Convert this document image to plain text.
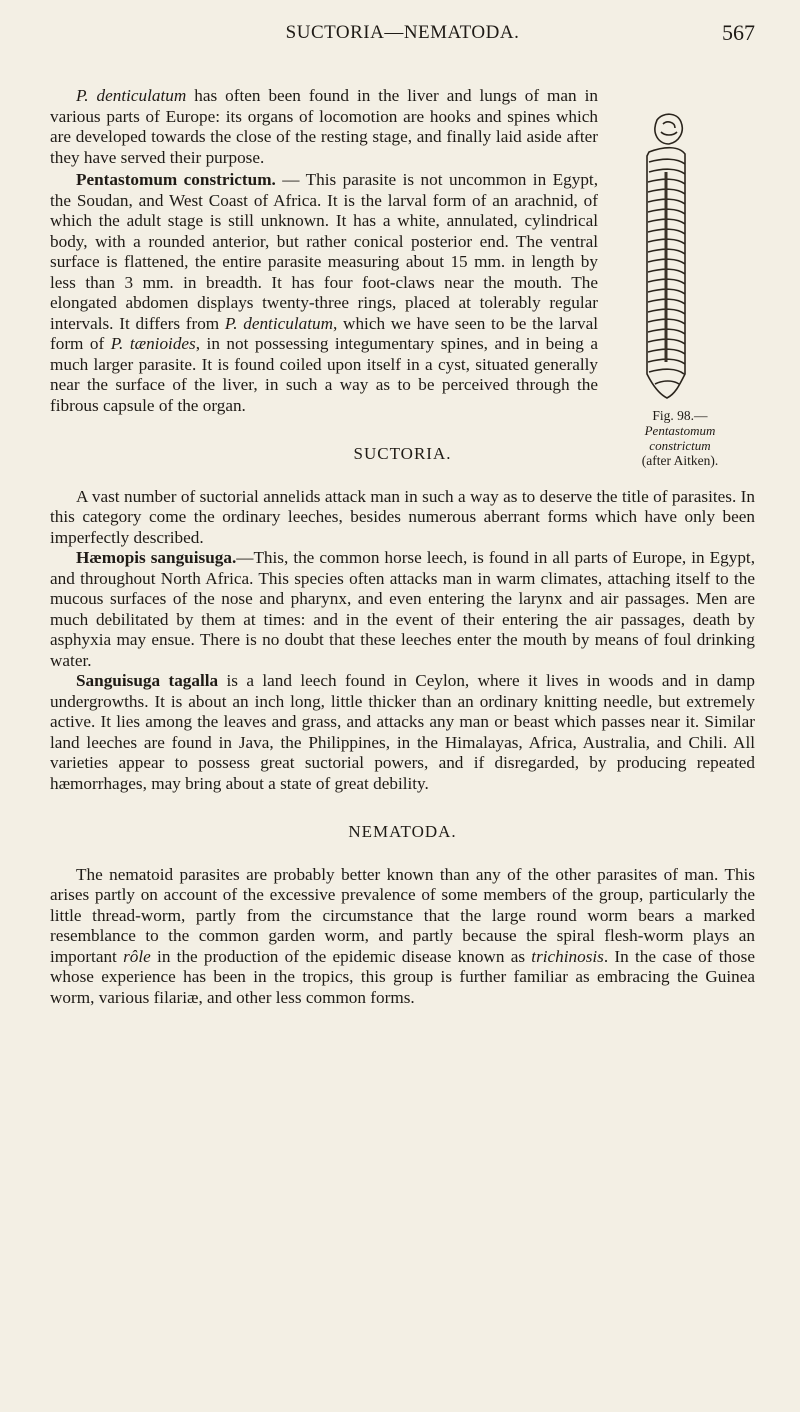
SUCTORIA—NEMATODA.	567
Fig. 98.—
Pentastomum
constrictum
(after Aitken).

P. denticulatum has often been found in the liver and lungs of man in various parts of Europe: its organs of locomotion are hooks and spines which are developed towards the close of the resting stage, and finally laid aside after they have served their purpose.

Pentastomum constrictum. — This parasite is not uncommon in Egypt, the Soudan, and West Coast of Africa. It is the larval form of an arachnid, of which the adult stage is still unknown. It has a white, annulated, cylindrical body, with a rounded anterior, but rather conical posterior end. The ventral surface is flattened, the entire parasite measuring about 15 mm. in length by less than 3 mm. in breadth. It has four foot-claws near the mouth. The elongated abdomen displays twenty-three rings, placed at tolerably regular intervals. It differs from P. denticulatum, which we have seen to be the larval form of P. tænioides, in not possessing integumentary spines, and in being a much larger parasite. It is found coiled upon itself in a cyst, situated generally near the surface of the liver, in such a way as to be perceived through the fibrous capsule of the organ.

SUCTORIA.

A vast number of suctorial annelids attack man in such a way as to deserve the title of parasites. In this category come the ordinary leeches, besides numerous aberrant forms which have only been imperfectly described.

Hæmopis sanguisuga.—This, the common horse leech, is found in all parts of Europe, in Egypt, and throughout North Africa. This species often attacks man in warm climates, attaching itself to the mucous surfaces of the nose and pharynx, and even entering the larynx and air passages. Men are much debilitated by them at times: and in the event of their entering the air passages, death by asphyxia may ensue. There is no doubt that these leeches enter the mouth by means of foul drinking water.

Sanguisuga tagalla is a land leech found in Ceylon, where it lives in woods and in damp undergrowths. It is about an inch long, little thicker than an ordinary knitting needle, but extremely active. It lies among the leaves and grass, and attacks any man or beast which passes near it. Similar land leeches are found in Java, the Philippines, in the Himalayas, Africa, Australia, and Chili. All varieties appear to possess great suctorial powers, and if disregarded, by producing repeated hæmorrhages, may bring about a state of great debility.

NEMATODA.

The nematoid parasites are probably better known than any of the other parasites of man. This arises partly on account of the excessive prevalence of some members of the group, particularly the little thread-worm, partly from the circumstance that the large round worm bears a marked resemblance to the common garden worm, and partly because the spiral flesh-worm plays an important rôle in the production of the epidemic disease known as trichinosis. In the case of those whose experience has been in the tropics, this group is further familiar as embracing the Guinea worm, various filariæ, and other less common forms.
